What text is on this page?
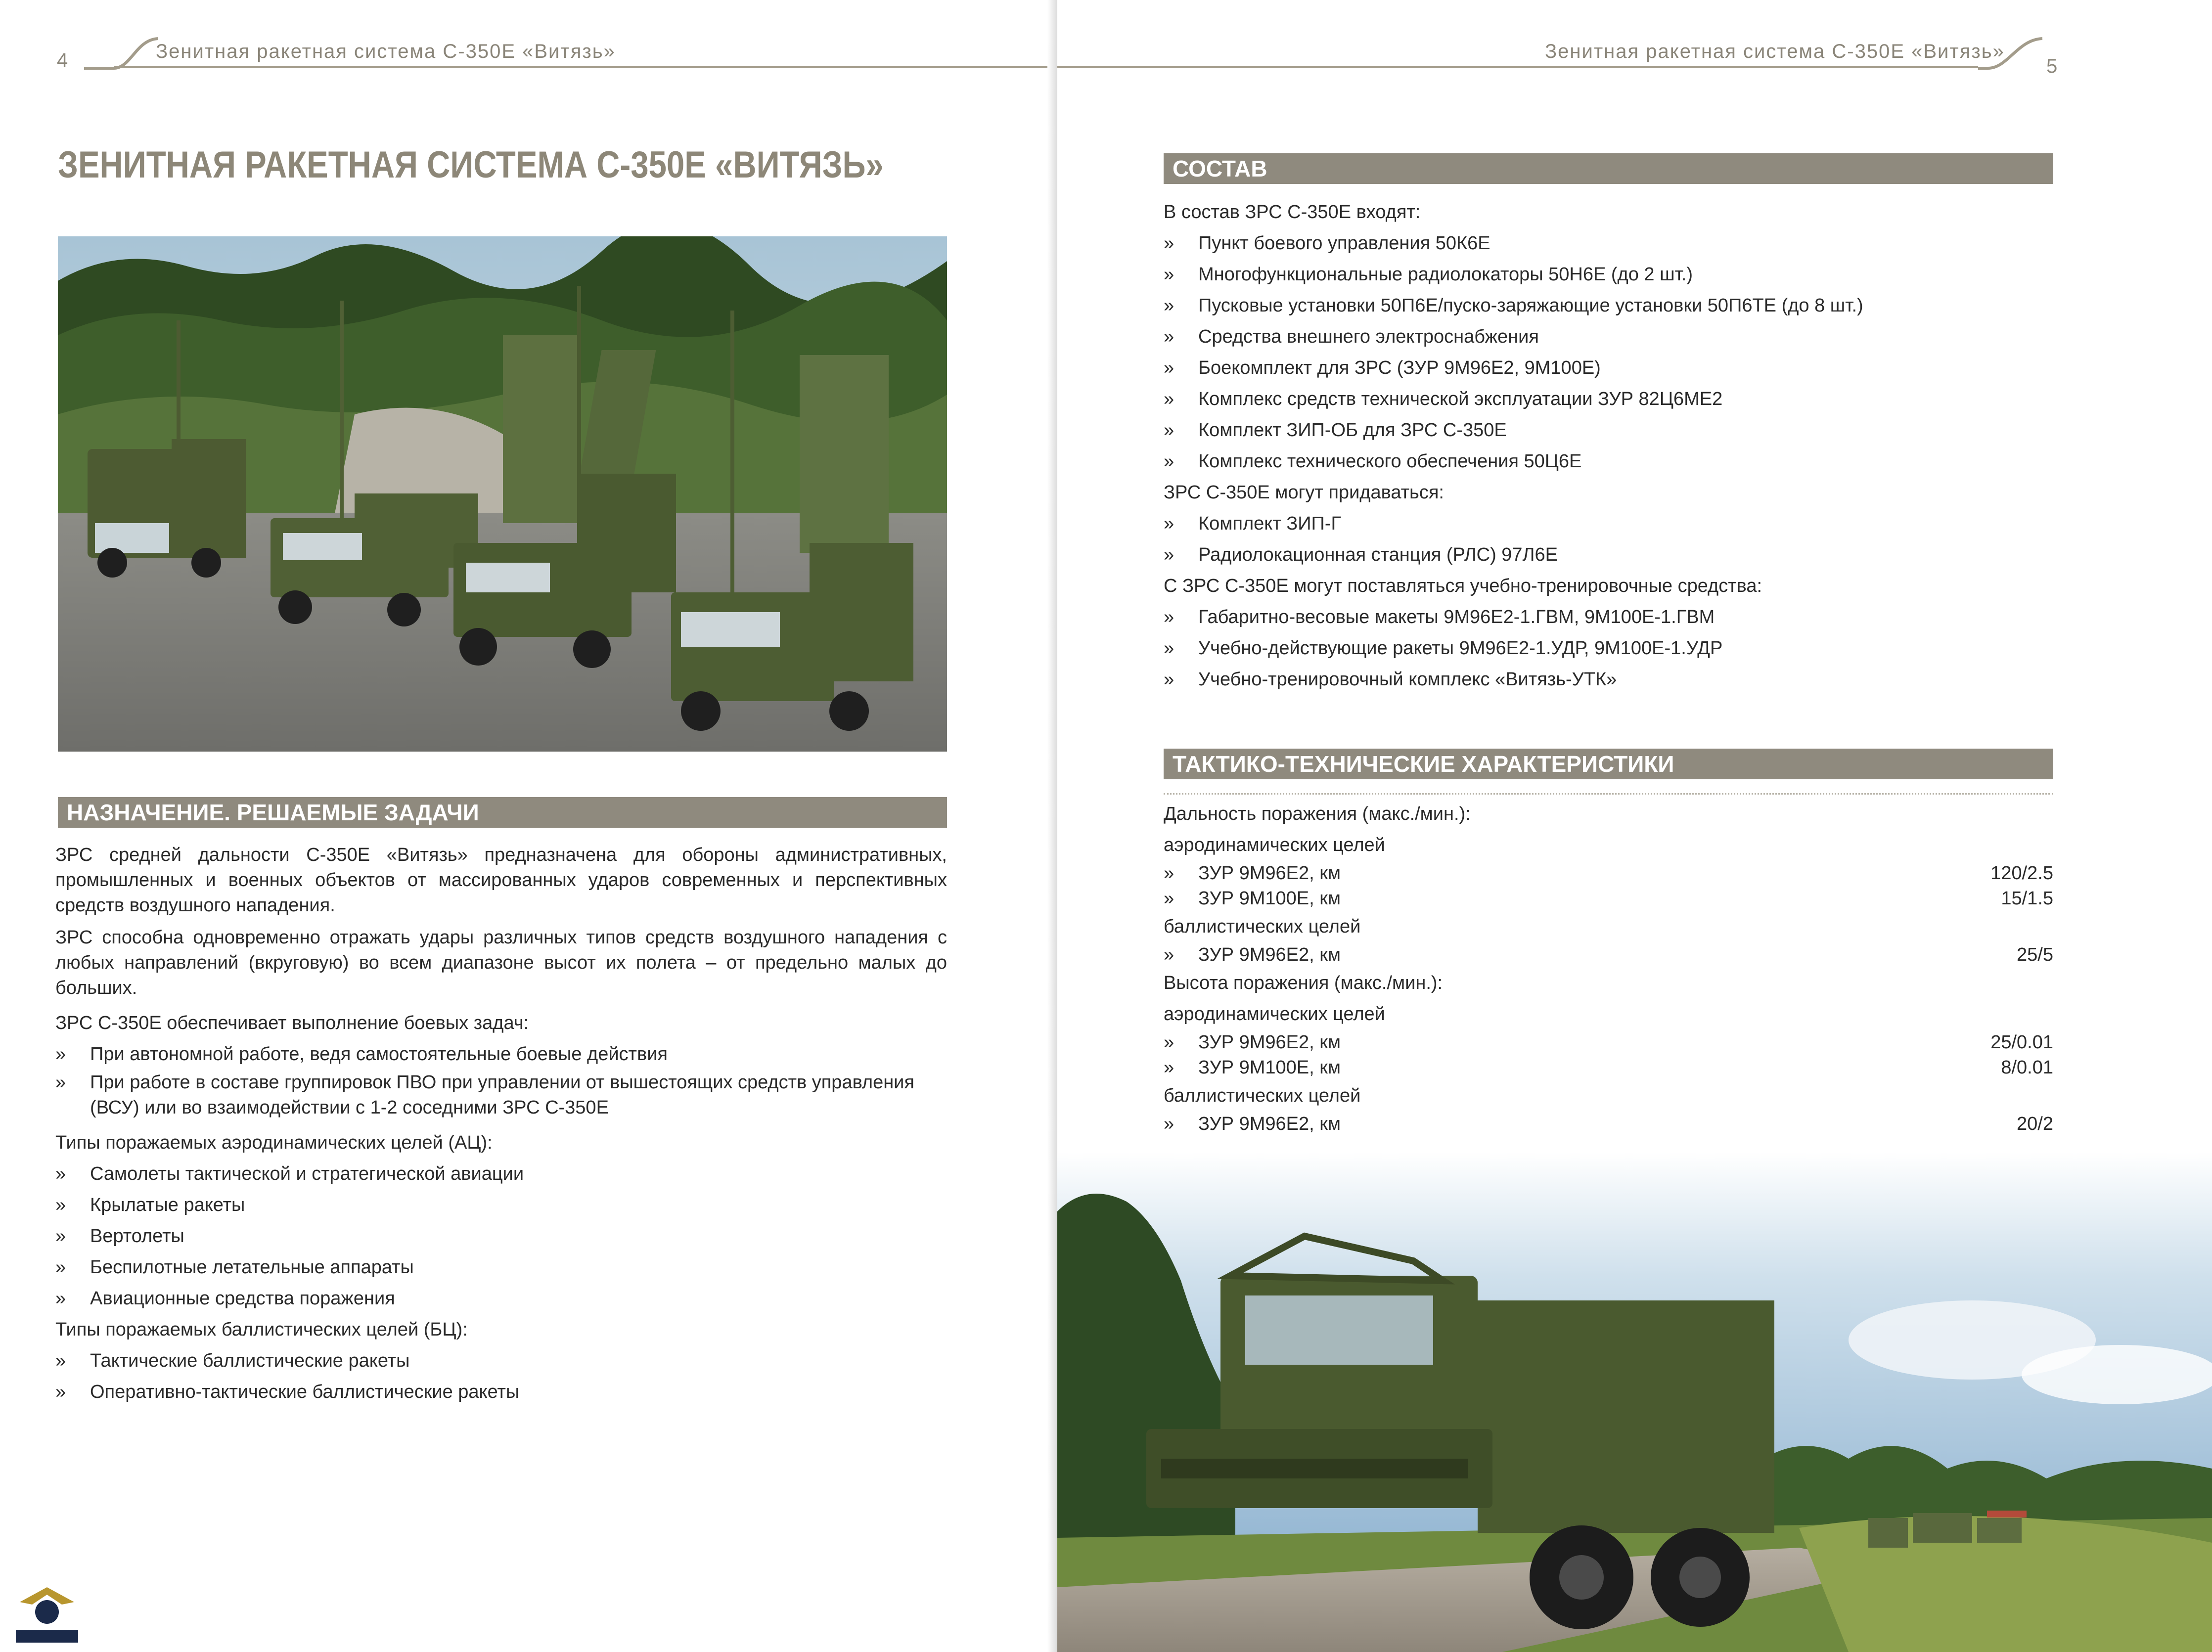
4	Зенитная ракетная система С-350Е «Витязь»
ЗЕНИТНАЯ РАКЕТНАЯ СИСТЕМА С-350Е «ВИТЯЗЬ»
НАЗНАЧЕНИЕ. РЕШАЕМЫЕ ЗАДАЧИ

ЗРС средней дальности С-350Е «Витязь» предназначена для обороны административных, промышленных и военных объектов от массированных ударов современных и перспективных средств воздушного нападения.

ЗРС способна одновременно отражать удары различных типов средств воздушного нападения с любых направлений (вкруговую) во всем диапазоне высот их полета – от предельно малых до больших.

ЗРС С-350Е обеспечивает выполнение боевых задач:

» При автономной работе, ведя самостоятельные боевые действия

» При работе в составе группировок ПВО при управлении от вышестоящих средств управления (ВСУ) или во взаимодействии с 1-2 соседними ЗРС С-350Е

Типы поражаемых аэродинамических целей (АЦ):

» Самолеты тактической и стратегической авиации

» Крылатые ракеты

» Вертолеты

» Беспилотные летательные аппараты

» Авиационные средства поражения

Типы поражаемых баллистических целей (БЦ):

» Тактические баллистические ракеты

» Оперативно-тактические баллистические ракеты

Зенитная ракетная система С-350Е «Витязь»
5
СОСТАВ

В состав ЗРС С-350Е входят:

» Пункт боевого управления 50К6Е

» Многофункциональные радиолокаторы 50Н6Е (до 2 шт.)

» Пусковые установки 50П6Е/пуско-заряжающие установки 50П6ТЕ (до 8 шт.)

» Средства внешнего электроснабжения

» Боекомплект для ЗРС (ЗУР 9М96Е2, 9М100Е)

» Комплекс средств технической эксплуатации ЗУР 82Ц6МЕ2

» Комплект ЗИП-ОБ для ЗРС С-350Е

» Комплекс технического обеспечения 50Ц6Е

ЗРС С-350Е могут придаваться:

» Комплект ЗИП-Г

» Радиолокационная станция (РЛС) 97Л6Е

С ЗРС С-350Е могут поставляться учебно-тренировочные средства:

» Габаритно-весовые макеты 9М96Е2-1.ГВМ, 9М100Е-1.ГВМ

» Учебно-действующие ракеты 9М96Е2-1.УДР, 9М100Е-1.УДР

» Учебно-тренировочный комплекс «Витязь-УТК»

ТАКТИКО-ТЕХНИЧЕСКИЕ ХАРАКТЕРИСТИКИ

Дальность поражения (макс./мин.):

аэродинамических целей

» ЗУР 9М96Е2, км	120/2.5
» ЗУР 9М100Е, км	15/1.5

баллистических целей

» ЗУР 9М96Е2, км	25/5

Высота поражения (макс./мин.):

аэродинамических целей

» ЗУР 9М96Е2, км	25/0.01
» ЗУР 9М100Е, км	8/0.01

баллистических целей

» ЗУР 9М96Е2, км	20/2
